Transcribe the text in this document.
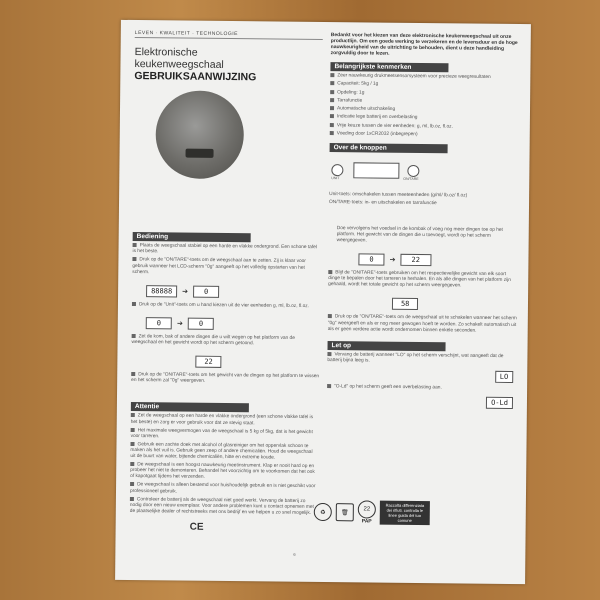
LEVEN · KWALITEIT · TECHNOLOGIE
Elektronische
keukenweegschaal
GEBRUIKSAANWIJZING
Bediening
Plaats de weegschaal stabiel op een harde en vlakke ondergrond. Een schone tafel is het beste.
Druk op de "ON/TARE"-toets om de weegschaal aan te zetten. Zij is klaar voor gebruik wanneer het LCD-scherm "0g" aangeeft op het volledig opstarten van het scherm.
88888 ➔ 0
Druk op de "Unit"-toets om u hand kiezen uit de vier eenheden g, ml, lb.oz, fl.oz.
0 ➔ 0
Zet de kom, bak of andere dingen die u wilt wegen op het platform van de weegschaal en het gewicht wordt op het scherm getoond.
22
Druk op de "ON/TARE"-toets om het gewicht van de dingen op het platform te wissen en het scherm zal "0g" weergeven.
Attentie
Zet de weegschaal op een harde en vlakke ondergrond (een schone vlakke tafel is het beste) en zorg er voor gebruik voor dat ze stevig staat.
Het maximale weegvermogen van de weegschaal is 5 kg of 5kg, dat is het gewicht voor tarreren.
Gebruik een zachte doek met alcohol of glasreiniger om het oppervlak schoon te maken als het vuil is. Gebruik geen zeep of andere chemicaliën. Houd de weegschaal uit de buurt van water, bijtende chemicaliën, hitte en extreme koude.
De weegschaal is een hoogst nauwkeurig meetinstrument. Klap er nooit hard op en probeer het niet te demonteren. Behandel het voorzichtig om te voorkomen dat het ook of kapotgaat tijdens het verzenden.
De weegschaal is alleen bestemd voor huishoudelijk gebruik en is niet geschikt voor professioneel gebruik.
Controleer de batterij als de weegschaal niet goed werkt. Vervang de batterij zo nodig door een nieuw exemplaar. Voor andere problemen kunt u contact opnemen met de plaatselijke dealer of rechtstreeks met ons bedrijf en we helpen u zo snel mogelijk.
CE
Bedankt voor het kiezen van deze elektronische keukenweegschaal uit onze productlijn. Om een goede werking te verzekeren en de levensduur en de hoge nauwkeurigheid van de uitrichting te behouden, dient u deze handleiding zorgvuldig door te lezen.
Belangrijkste kenmerken
Zeer nauwkeurig drukmeetsensorsysteem voor precieze weegresultaten
Capaciteit: 5kg / 1g
Opdeling: 1g
Tarrafunctie
Automatische uitschakeling
Indicatie lege batterij en overbelasting
Vrije keuze tussen de vier eenheden: g, ml, lb.oz, fl.oz.
Voeding door 1xCR2032 (inbegrepen)
Over de knoppen
UNIT	ON/TARE
Unit-toets: omschakelen tussen meeteenheden (g/ml/ lb.oz/ fl.oz)
ON/TARE-toets: in- en uitschakelen en tarrafunctie
Doe vervolgens het voedsel in de kombak of voeg nog meer dingen toe op het platform. Het gewicht van de dingen die u toevoegt, wordt op het scherm weergegeven.
0 ➔ 22
Blijf de "ON/TARE"-toets gebruiken om het respectievelijke gewicht van elk soort dinge te bepalen door het tarreren te herhalen. En als alle dingen van het platform zijn gehaald, wordt het totale gewicht op het scherm weergegeven.
58
Druk op de "ON/TARE"-toets om de weegschaal uit te schakelen wanneer het scherm "0g" weergeeft en als er nog meer gewogen hoeft te worden. Zo schakelt automatisch uit als er geen verdere actie wordt ondernomen binnen enkele seconden.
Let op
Vervang de batterij wanneer "LO" op het scherm verschijnt, wat aangeeft dat de batterij bijna leeg is.
LO
"O-Ld" op het scherm geeft een overbelasting aan.
O-Ld
♻	🗑
22
PAP
Raccolta differenziata dei rifiuti. controlla le linee guida del tuo comune
6
